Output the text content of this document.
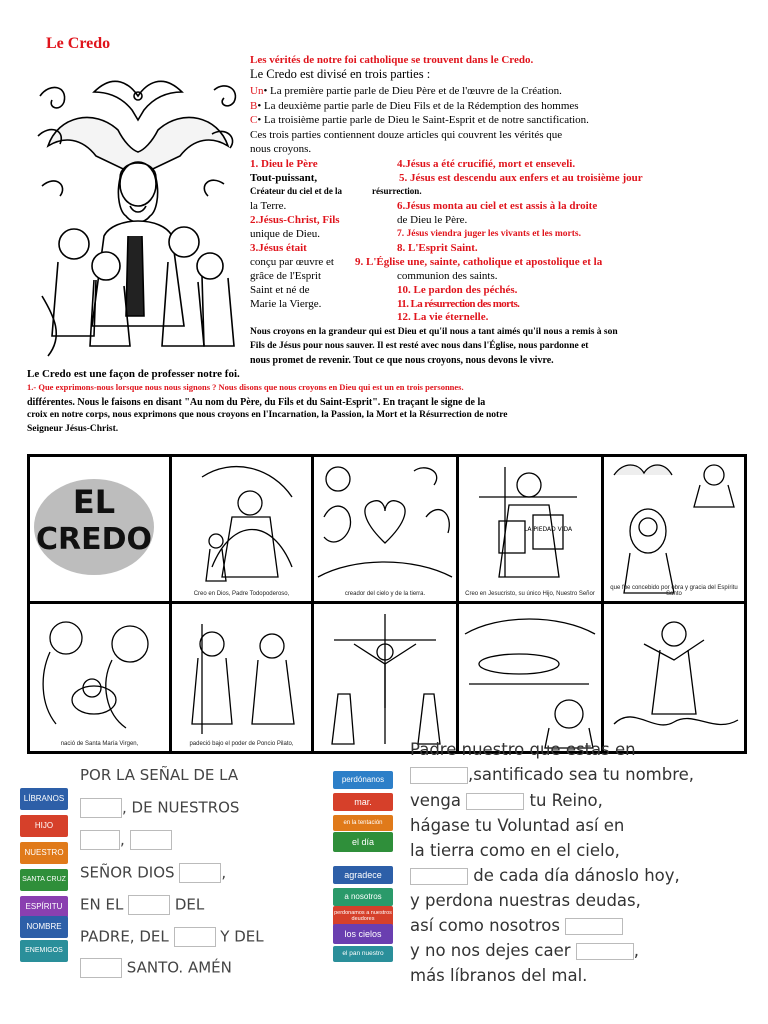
Le Credo
Les vérités de notre foi catholique se trouvent dans le Credo.
Le Credo est divisé en trois parties :
Un• La première partie parle de Dieu Père et de l'œuvre de la Création.
B• La deuxième partie parle de Dieu Fils et de la Rédemption des hommes
C• La troisième partie parle de Dieu le Saint-Esprit et de notre sanctification.
Ces trois parties contiennent douze articles qui couvrent les vérités que
nous croyons.
1. Dieu le Père	4.Jésus a été crucifié, mort et enseveli.
Tout-puissant,	5. Jésus est descendu aux enfers et au troisième jour
Créateur du ciel et de la	résurrection.
la Terre.	6.Jésus monta au ciel et est assis à la droite
2.Jésus-Christ, Fils	de Dieu le Père.
unique de Dieu.	7. Jésus viendra juger les vivants et les morts.
3.Jésus était	8. L'Esprit Saint.
conçu par œuvre et 9. L'Église une, sainte, catholique et apostolique et la
grâce de l'Esprit	communion des saints.
Saint et né de	10. Le pardon des péchés.
Marie la Vierge.	11. La résurrection des morts.
12. La vie éternelle.
Nous croyons en la grandeur qui est Dieu et qu'il nous a tant aimés qu'il nous a remis à son
Fils de Jésus pour nous sauver. Il est resté avec nous dans l'Église, nous pardonne et
nous promet de revenir. Tout ce que nous croyons, nous devons le vivre.
Le Credo est une façon de professer notre foi.
1.- Que exprimons-nous lorsque nous nous signons ? Nous disons que nous croyons en Dieu qui est un en trois personnes.
différentes. Nous le faisons en disant "Au nom du Père, du Fils et du Saint-Esprit". En traçant le signe de la
croix en notre corps, nous exprimons que nous croyons en l'Incarnation, la Passion, la Mort et la Résurrection de notre
Seigneur Jésus-Christ.
EL
CREDO
Creo en Dios, Padre Todopoderoso,	creador del cielo y de la tierra.
LA PIEDAD VIDA
Creo en Jesucristo, su único Hijo, Nuestro Señor
que fue concebido por obra y gracia del Espíritu Santo
nació de Santa María Virgen,	padeció bajo el poder de Poncio Pilato,
LÍBRANOS
HIJO
NUESTRO
SANTA CRUZ
ESPÍRITU
NOMBRE
ENEMIGOS
POR LA SEÑAL DE LA
, DE NUESTROS
,
SEÑOR DIOS	,
EN EL	DEL
PADRE, DEL	Y DEL
SANTO. AMÉN
perdónanos
mar.
en la tentación
el día
agradece
a nosotros
perdonamos a nuestros deudores
los cielos
el pan nuestro
Padre nuestro que estas en
,santificado sea tu nombre,
venga	tu Reino,
hágase tu Voluntad así en
la tierra como en el cielo,
de cada día dánoslo hoy,
y perdona nuestras deudas,
así como nosotros
y no nos dejes caer	,
más líbranos del mal.
